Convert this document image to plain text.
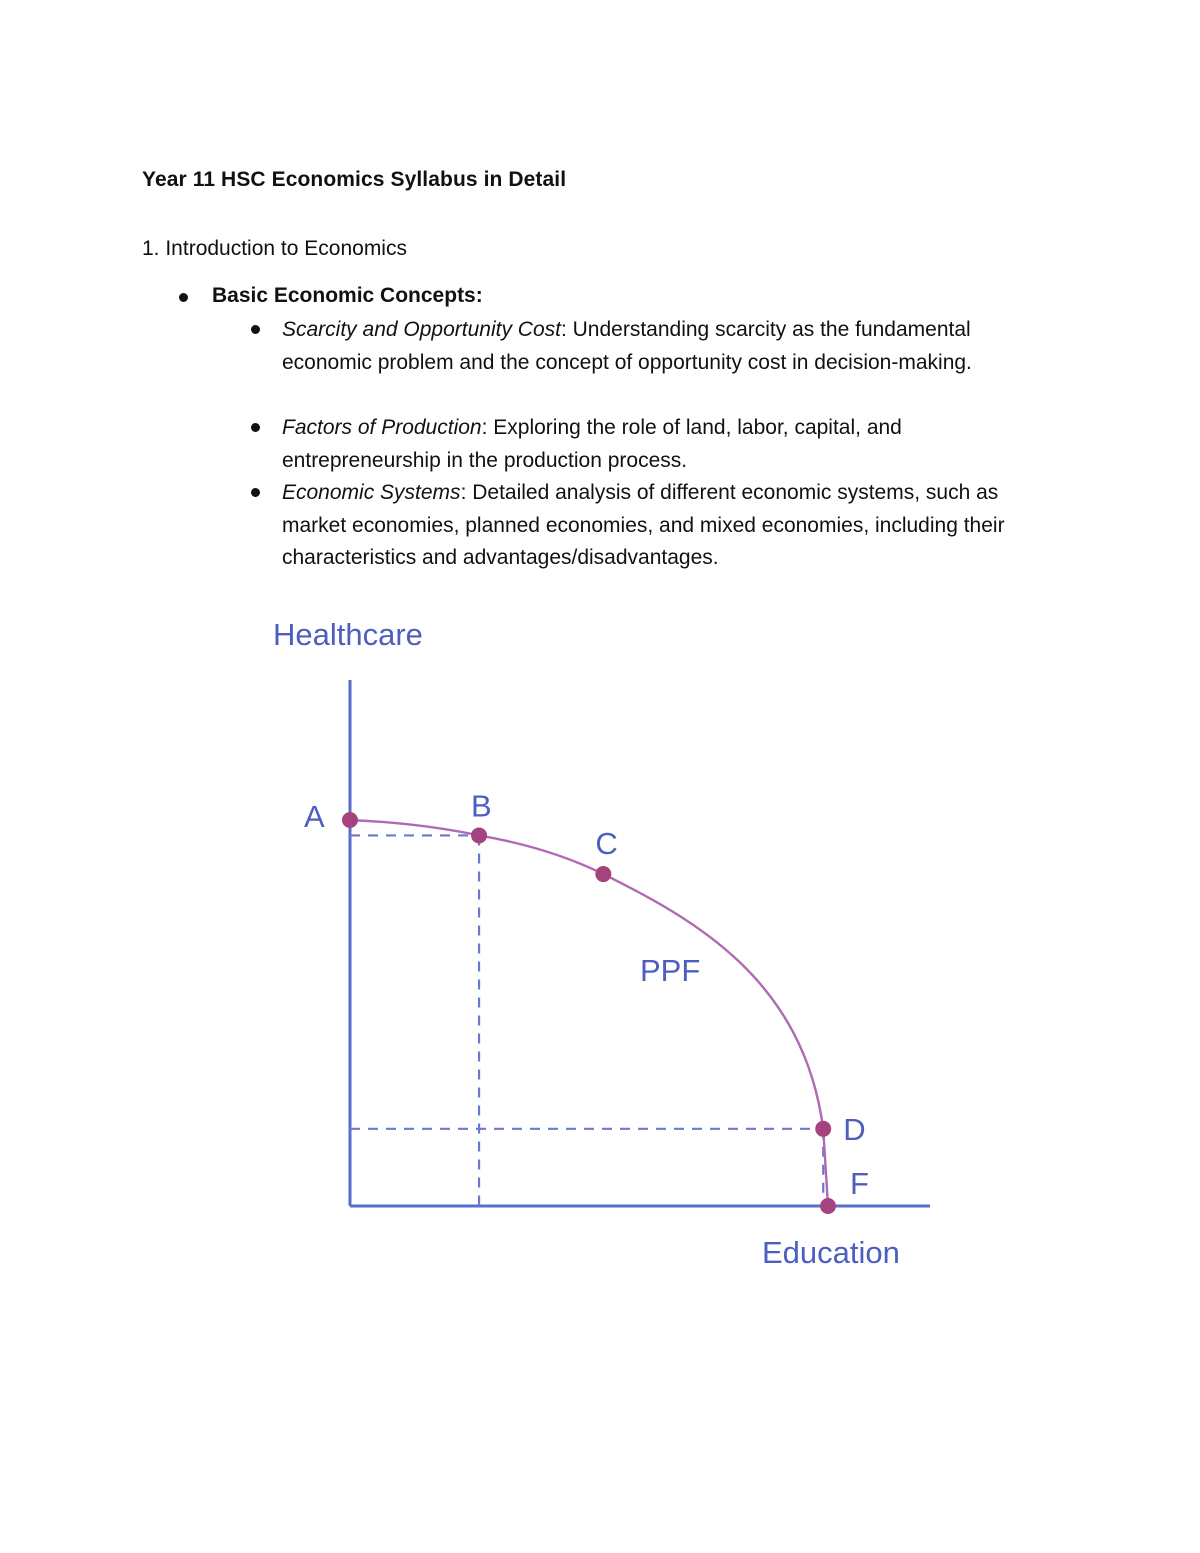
Year 11 HSC Economics Syllabus in Detail
1. Introduction to Economics
Basic Economic Concepts:
Scarcity and Opportunity Cost: Understanding scarcity as the fundamental economic problem and the concept of opportunity cost in decision-making.
Factors of Production: Exploring the role of land, labor, capital, and entrepreneurship in the production process.
Economic Systems: Detailed analysis of different economic systems, such as market economies, planned economies, and mixed economies, including their characteristics and advantages/disadvantages.
Healthcare
Education
PPF
A	B
C
D
F
